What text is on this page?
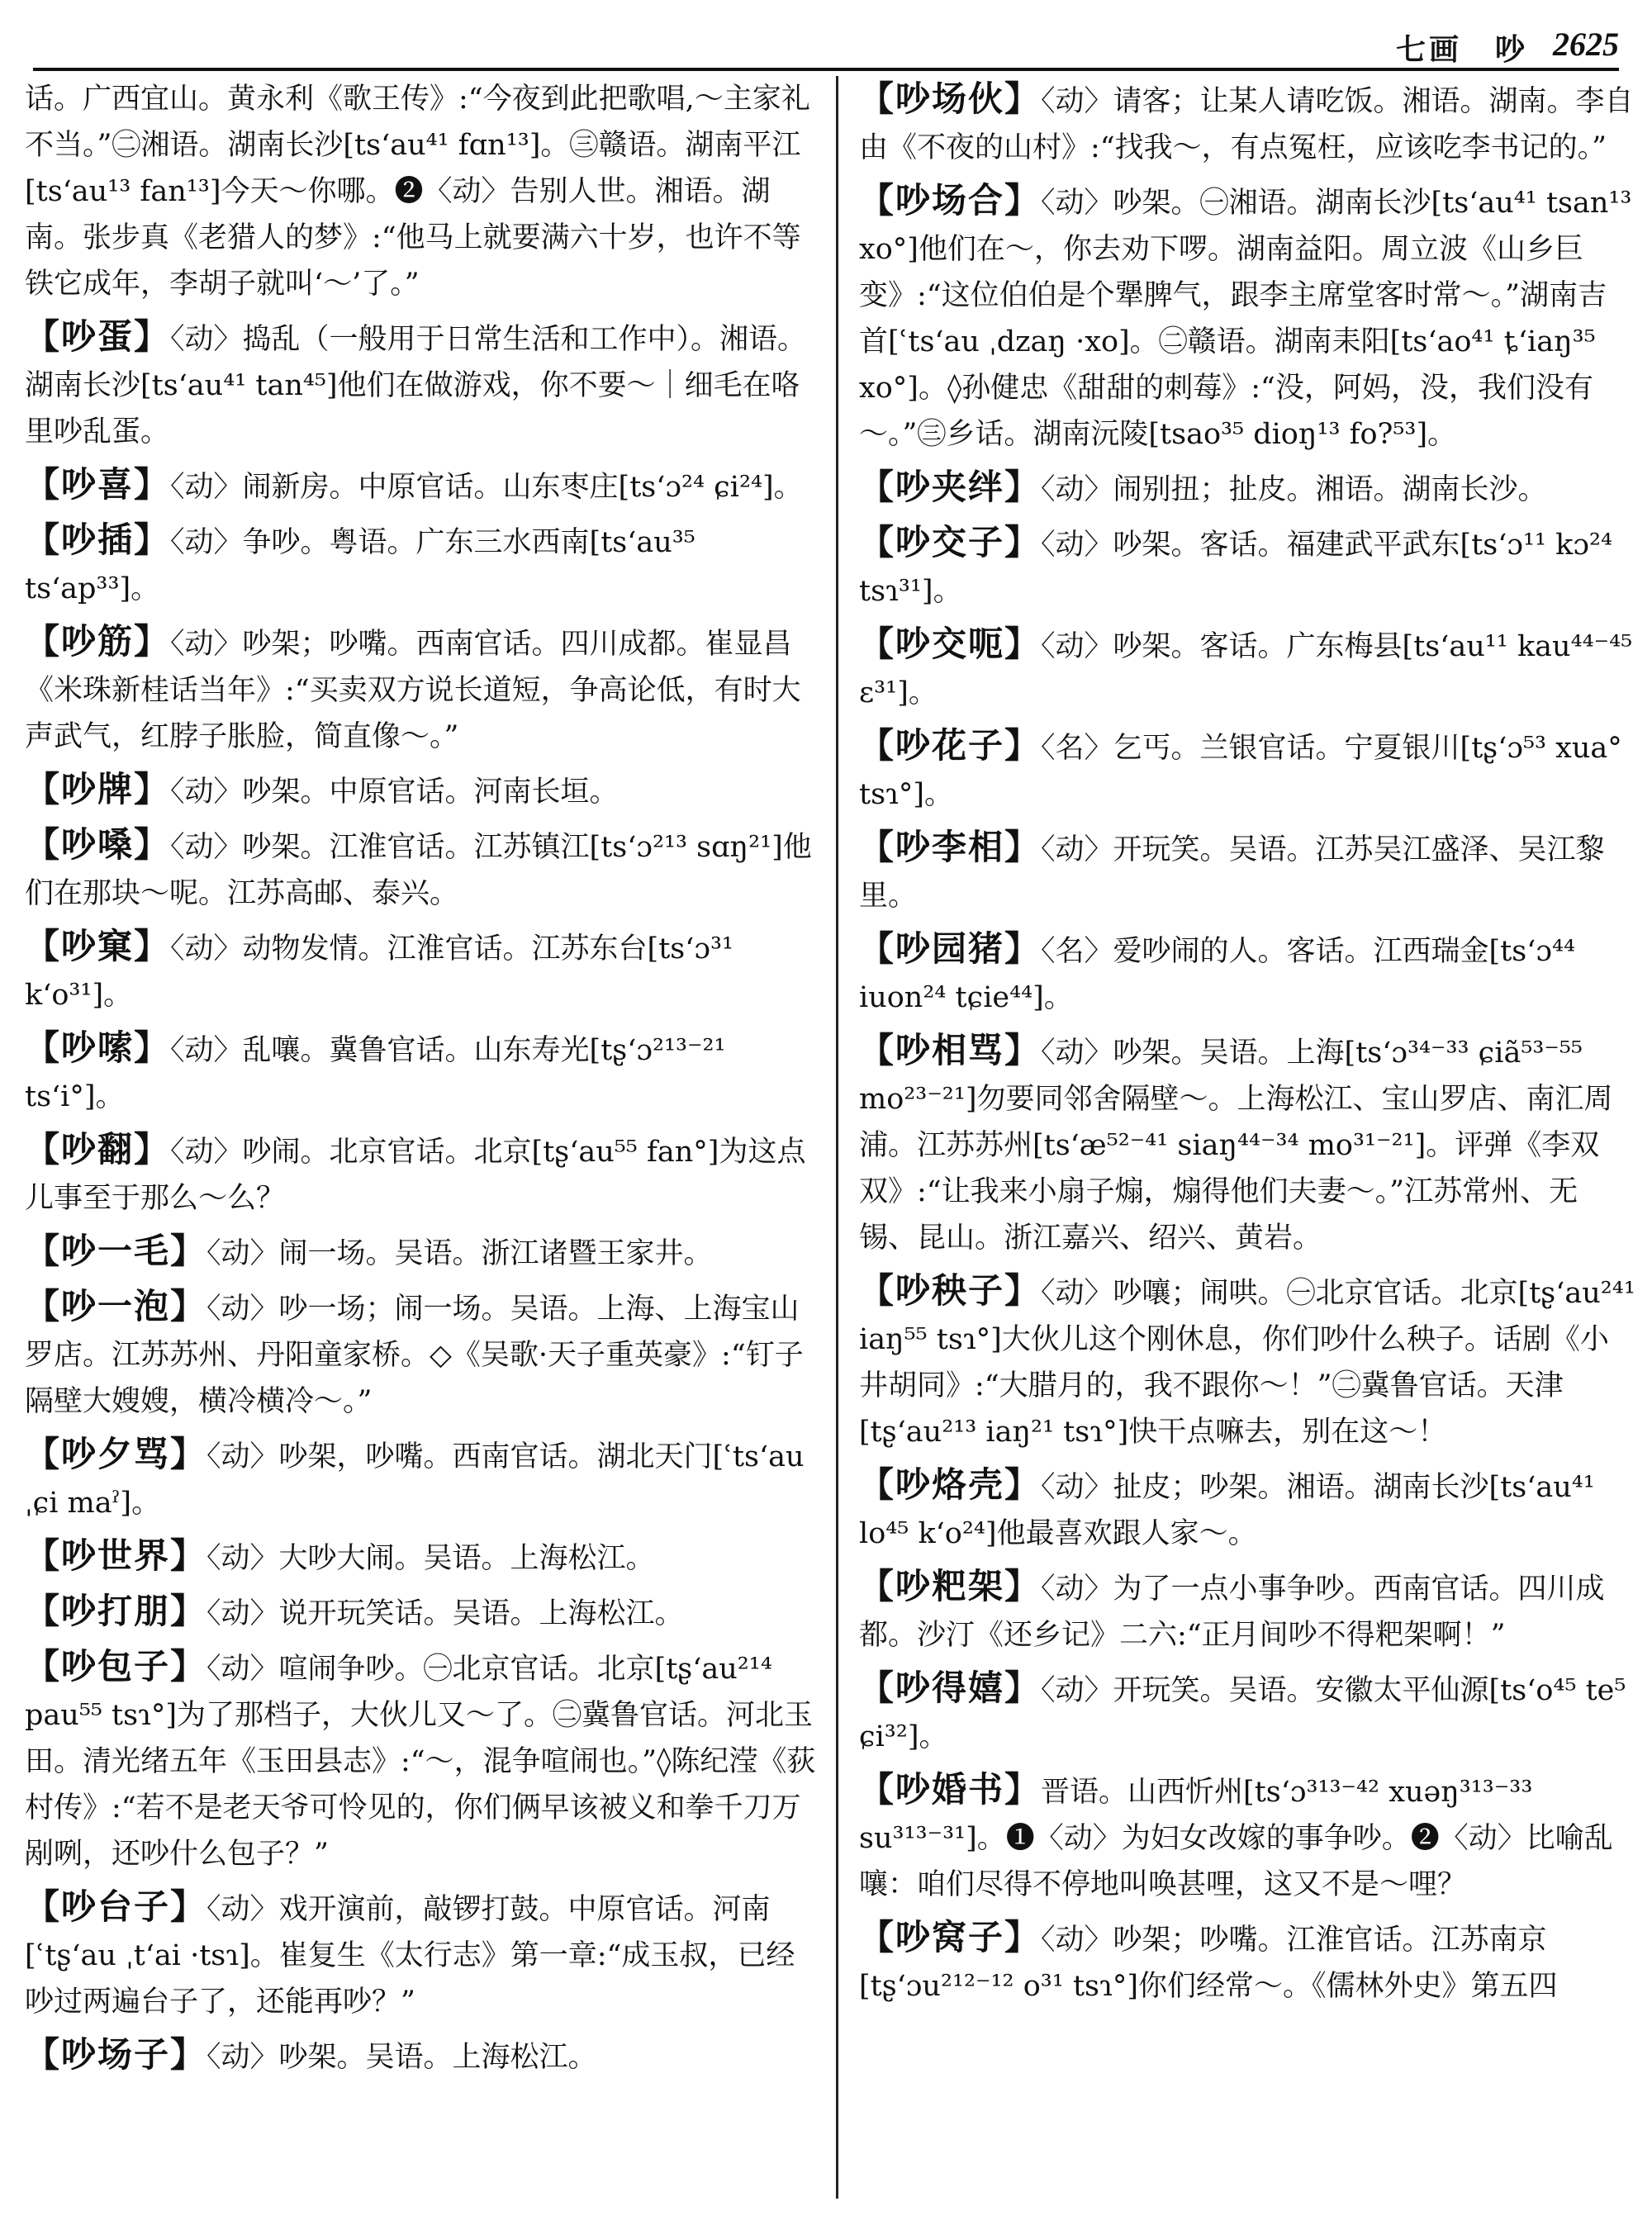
七画　吵 2625

话。广西宜山。黄永利《歌王传》:“今夜到此把歌唱,～主家礼不当。”㊁湘语。湖南长沙[ts‘au⁴¹ fɑn¹³]。㊂赣语。湖南平江[ts‘au¹³ fan¹³]今天～你哪。❷〈动〉告别人世。湘语。湖南。张步真《老猎人的梦》:“他马上就要满六十岁，也许不等铁它成年，李胡子就叫‘～’了。”

【 吵蛋 】 〈动〉捣乱（一般用于日常生活和工作中）。湘语。湖南长沙[ts‘au⁴¹ tan⁴⁵]他们在做游戏，你不要～｜细毛在咯里吵乱蛋。

【 吵喜 】 〈动〉闹新房。中原官话。山东枣庄[ts‘ɔ²⁴ ɕi²⁴]。

【 吵插 】 〈动〉争吵。粤语。广东三水西南[ts‘au³⁵ ts‘ap³³]。

【 吵筋 】 〈动〉吵架；吵嘴。西南官话。四川成都。崔显昌《米珠新桂话当年》:“买卖双方说长道短，争高论低，有时大声武气，红脖子胀脸，简直像～。”

【 吵牌 】 〈动〉吵架。中原官话。河南长垣。

【 吵嗓 】 〈动〉吵架。江淮官话。江苏镇江[ts‘ɔ²¹³ sɑŋ²¹]他们在那块～呢。江苏高邮、泰兴。

【 吵窠 】 〈动〉动物发情。江淮官话。江苏东台[ts‘ɔ³¹ k‘o³¹]。

【 吵嗦 】 〈动〉乱嚷。冀鲁官话。山东寿光[tʂ‘ɔ²¹³⁻²¹ ts‘i°]。

【 吵翻 】 〈动〉吵闹。北京官话。北京[tʂ‘au⁵⁵ fan°]为这点儿事至于那么～么？

【 吵一毛 】 〈动〉闹一场。吴语。浙江诸暨王家井。

【 吵一泡 】 〈动〉吵一场；闹一场。吴语。上海、上海宝山罗店。江苏苏州、丹阳童家桥。◇《吴歌·天子重英豪》:“钉子隔壁大嫂嫂，横冷横冷～。”

【 吵夕骂 】 〈动〉吵架，吵嘴。西南官话。湖北天门[ʿts‘au ˌɕi maˀ]。

【 吵世界 】 〈动〉大吵大闹。吴语。上海松江。

【 吵打朋 】 〈动〉说开玩笑话。吴语。上海松江。

【 吵包子 】 〈动〉喧闹争吵。㊀北京官话。北京[tʂ‘au²¹⁴ pau⁵⁵ tsɿ°]为了那档子，大伙儿又～了。㊁冀鲁官话。河北玉田。清光绪五年《玉田县志》:“～，混争喧闹也。”◊陈纪滢《荻村传》:“若不是老天爷可怜见的，你们俩早该被义和拳千刀万剐咧，还吵什么包子？”

【 吵台子 】 〈动〉戏开演前，敲锣打鼓。中原官话。河南[ʿtʂ‘au ˌt‘ai ·tsɿ]。崔复生《太行志》第一章:“成玉叔，已经吵过两遍台子了，还能再吵？”

【 吵场子 】 〈动〉吵架。吴语。上海松江。

【 吵场伙 】 〈动〉请客；让某人请吃饭。湘语。湖南。李自由《不夜的山村》:“找我～，有点冤枉，应该吃李书记的。”

【 吵场合 】 〈动〉吵架。㊀湘语。湖南长沙[ts‘au⁴¹ tsan¹³ xo°]他们在～，你去劝下啰。湖南益阳。周立波《山乡巨变》:“这位伯伯是个犟脾气，跟李主席堂客时常～。”湖南吉首[ʿts‘au ˌdzaŋ ·xo]。㊁赣语。湖南耒阳[ts‘ao⁴¹ ȶ‘iaŋ³⁵ xo°]。◊孙健忠《甜甜的刺莓》:“没，阿妈，没，我们没有～。”㊂乡话。湖南沅陵[tsao³⁵ dioŋ¹³ fo?⁵³]。

【 吵夹绊 】 〈动〉闹别扭；扯皮。湘语。湖南长沙。

【 吵交子 】 〈动〉吵架。客话。福建武平武东[ts‘ɔ¹¹ kɔ²⁴ tsɿ³¹]。

【 吵交呃 】 〈动〉吵架。客话。广东梅县[ts‘au¹¹ kau⁴⁴⁻⁴⁵ ɛ³¹]。

【 吵花子 】 〈名〉乞丐。兰银官话。宁夏银川[tʂ‘ɔ⁵³ xua° tsɿ°]。

【 吵李相 】 〈动〉开玩笑。吴语。江苏吴江盛泽、吴江黎里。

【 吵园猪 】 〈名〉爱吵闹的人。客话。江西瑞金[ts‘ɔ⁴⁴ iuon²⁴ tɕie⁴⁴]。

【 吵相骂 】 〈动〉吵架。吴语。上海[ts‘ɔ³⁴⁻³³ ɕiã⁵³⁻⁵⁵ mo²³⁻²¹]勿要同邻舍隔壁～。上海松江、宝山罗店、南汇周浦。江苏苏州[ts‘æ⁵²⁻⁴¹ siaŋ⁴⁴⁻³⁴ mo³¹⁻²¹]。评弹《李双双》:“让我来小扇子煽，煽得他们夫妻～。”江苏常州、无锡、昆山。浙江嘉兴、绍兴、黄岩。

【 吵秧子 】 〈动〉吵嚷；闹哄。㊀北京官话。北京[tʂ‘au²⁴¹ iaŋ⁵⁵ tsɿ°]大伙儿这个刚休息，你们吵什么秧子。话剧《小井胡同》:“大腊月的，我不跟你～！”㊁冀鲁官话。天津[tʂ‘au²¹³ iaŋ²¹ tsɿ°]快干点嘛去，别在这～！

【 吵烙壳 】 〈动〉扯皮；吵架。湘语。湖南长沙[ts‘au⁴¹ lo⁴⁵ k‘o²⁴]他最喜欢跟人家～。

【 吵粑架 】 〈动〉为了一点小事争吵。西南官话。四川成都。沙汀《还乡记》二六:“正月间吵不得粑架啊！”

【 吵得嬉 】 〈动〉开玩笑。吴语。安徽太平仙源[ts‘o⁴⁵ te⁵ ɕi³²]。

【 吵婚书 】 晋语。山西忻州[ts‘ɔ³¹³⁻⁴² xuəŋ³¹³⁻³³ su³¹³⁻³¹]。❶〈动〉为妇女改嫁的事争吵。❷〈动〉比喻乱嚷：咱们尽得不停地叫唤甚哩，这又不是～哩？

【 吵窝子 】 〈动〉吵架；吵嘴。江淮官话。江苏南京[tʂ‘ɔu²¹²⁻¹² o³¹ tsɿ°]你们经常～。《儒林外史》第五四
